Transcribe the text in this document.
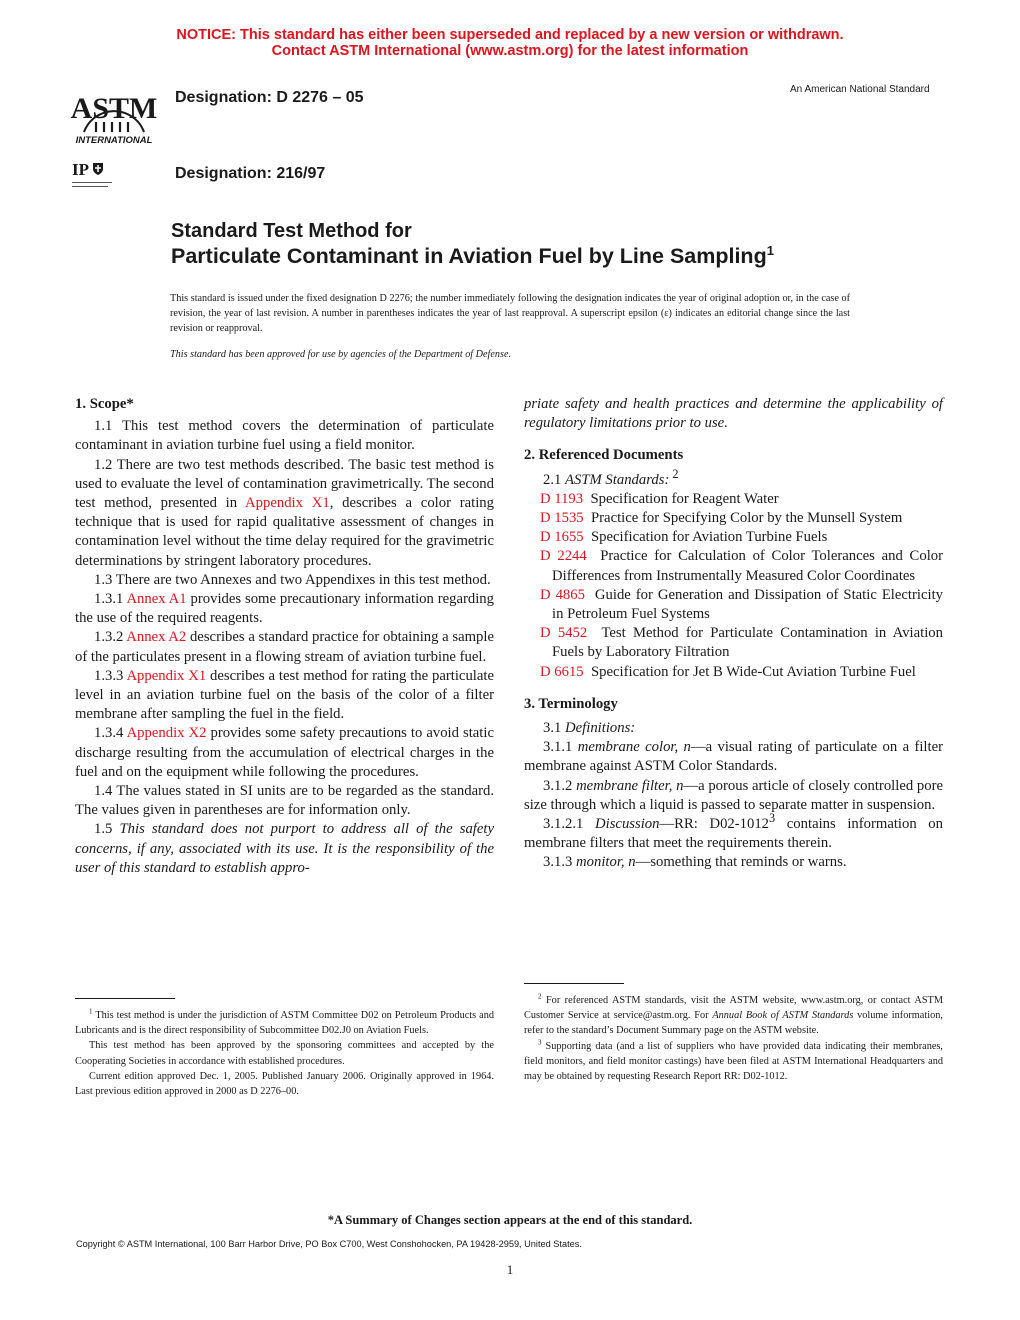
NOTICE: This standard has either been superseded and replaced by a new version or withdrawn.
Contact ASTM International (www.astm.org) for the latest information
ASTM
INTERNATIONAL
IP
Designation: D 2276 – 05
Designation: 216/97
An American National Standard
Standard Test Method for
Particulate Contaminant in Aviation Fuel by Line Sampling$^1$
This standard is issued under the fixed designation D 2276; the number immediately following the designation indicates the year of original adoption or, in the case of revision, the year of last revision. A number in parentheses indicates the year of last reapproval. A superscript epsilon (ε) indicates an editorial change since the last revision or reapproval.
This standard has been approved for use by agencies of the Department of Defense.

1. Scope*

1.1 This test method covers the determination of particulate contaminant in aviation turbine fuel using a field monitor.

1.2 There are two test methods described. The basic test method is used to evaluate the level of contamination gravimetrically. The second test method, presented in Appendix X1, describes a color rating technique that is used for rapid qualitative assessment of changes in contamination level without the time delay required for the gravimetric determinations by stringent laboratory procedures.

1.3 There are two Annexes and two Appendixes in this test method.

1.3.1 Annex A1 provides some precautionary information regarding the use of the required reagents.

1.3.2 Annex A2 describes a standard practice for obtaining a sample of the particulates present in a flowing stream of aviation turbine fuel.

1.3.3 Appendix X1 describes a test method for rating the particulate level in an aviation turbine fuel on the basis of the color of a filter membrane after sampling the fuel in the field.

1.3.4 Appendix X2 provides some safety precautions to avoid static discharge resulting from the accumulation of electrical charges in the fuel and on the equipment while following the procedures.

1.4 The values stated in SI units are to be regarded as the standard. The values given in parentheses are for information only.

1.5 This standard does not purport to address all of the safety concerns, if any, associated with its use. It is the responsibility of the user of this standard to establish appro-

priate safety and health practices and determine the applicability of regulatory limitations prior to use.

2. Referenced Documents

2.1 ASTM Standards: $^2$

D 1193 Specification for Reagent Water

D 1535 Practice for Specifying Color by the Munsell System

D 1655 Specification for Aviation Turbine Fuels

D 2244 Practice for Calculation of Color Tolerances and Color Differences from Instrumentally Measured Color Coordinates

D 4865 Guide for Generation and Dissipation of Static Electricity in Petroleum Fuel Systems

D 5452 Test Method for Particulate Contamination in Aviation Fuels by Laboratory Filtration

D 6615 Specification for Jet B Wide-Cut Aviation Turbine Fuel

3. Terminology

3.1 Definitions:

3.1.1 membrane color, n—a visual rating of particulate on a filter membrane against ASTM Color Standards.

3.1.2 membrane filter, n—a porous article of closely controlled pore size through which a liquid is passed to separate matter in suspension.

3.1.2.1 Discussion—RR: D02-1012$^3$ contains information on membrane filters that meet the requirements therein.

3.1.3 monitor, n—something that reminds or warns.

$^1$ This test method is under the jurisdiction of ASTM Committee D02 on Petroleum Products and Lubricants and is the direct responsibility of Subcommittee D02.J0 on Aviation Fuels.

This test method has been approved by the sponsoring committees and accepted by the Cooperating Societies in accordance with established procedures.

Current edition approved Dec. 1, 2005. Published January 2006. Originally approved in 1964. Last previous edition approved in 2000 as D 2276–00.

$^2$ For referenced ASTM standards, visit the ASTM website, www.astm.org, or contact ASTM Customer Service at service@astm.org. For Annual Book of ASTM Standards volume information, refer to the standard’s Document Summary page on the ASTM website.

$^3$ Supporting data (and a list of suppliers who have provided data indicating their membranes, field monitors, and field monitor castings) have been filed at ASTM International Headquarters and may be obtained by requesting Research Report RR: D02-1012.

*A Summary of Changes section appears at the end of this standard.
Copyright © ASTM International, 100 Barr Harbor Drive, PO Box C700, West Conshohocken, PA 19428-2959, United States.
1
